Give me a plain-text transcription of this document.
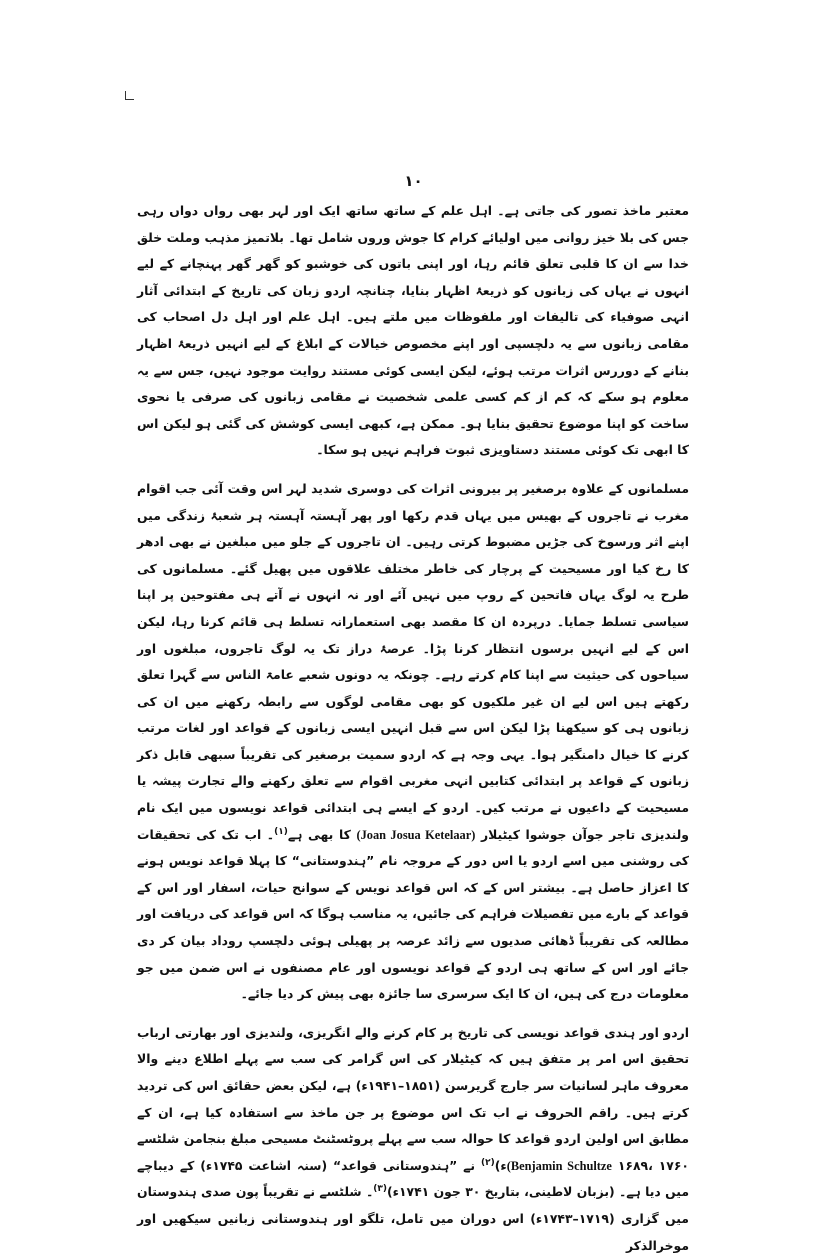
۱۰

معتبر ماخذ تصور کی جاتی ہے۔ اہل علم کے ساتھ ساتھ ایک اور لہر بھی رواں دواں رہی جس کی بلا خیز روانی میں اولیائے کرام کا جوش وروں شامل تھا۔ بلاتمیز مذہب وملت خلق خدا سے ان کا قلبی تعلق قائم رہا، اور اپنی باتوں کی خوشبو کو گھر گھر پہنچانے کے لیے انہوں نے یہاں کی زبانوں کو ذریعۂ اظہار بنایا، چنانچہ اردو زبان کی تاریخ کے ابتدائی آثار انہی صوفیاء کی تالیفات اور ملفوظات میں ملتے ہیں۔ اہل علم اور اہل دل اصحاب کی مقامی زبانوں سے یہ دلچسپی اور اپنے مخصوص خیالات کے ابلاغ کے لیے انہیں ذریعۂ اظہار بنانے کے دوررس اثرات مرتب ہوئے، لیکن ایسی کوئی مستند روایت موجود نہیں، جس سے یہ معلوم ہو سکے کہ کم از کم کسی علمی شخصیت نے مقامی زبانوں کی صرفی یا نحوی ساخت کو اپنا موضوع تحقیق بنایا ہو۔ ممکن ہے، کبھی ایسی کوشش کی گئی ہو لیکن اس کا ابھی تک کوئی مستند دستاویزی ثبوت فراہم نہیں ہو سکا۔

مسلمانوں کے علاوہ برصغیر پر بیرونی اثرات کی دوسری شدید لہر اس وقت آئی جب اقوام مغرب نے تاجروں کے بھیس میں یہاں قدم رکھا اور پھر آہستہ آہستہ ہر شعبۂ زندگی میں اپنے اثر ورسوخ کی جڑیں مضبوط کرتی رہیں۔ ان تاجروں کے جلو میں مبلغین نے بھی ادھر کا رخ کیا اور مسیحیت کے پرچار کی خاطر مختلف علاقوں میں پھیل گئے۔ مسلمانوں کی طرح یہ لوگ یہاں فاتحین کے روپ میں نہیں آئے اور نہ انہوں نے آتے ہی مفتوحین پر اپنا سیاسی تسلط جمایا۔ درپردہ ان کا مقصد بھی استعمارانہ تسلط ہی قائم کرنا رہا، لیکن اس کے لیے انہیں برسوں انتظار کرنا پڑا۔ عرصۂ دراز تک یہ لوگ تاجروں، مبلغوں اور سیاحوں کی حیثیت سے اپنا کام کرتے رہے۔ چونکہ یہ دونوں شعبے عامۃ الناس سے گہرا تعلق رکھتے ہیں اس لیے ان غیر ملکیوں کو بھی مقامی لوگوں سے رابطہ رکھنے میں ان کی زبانوں ہی کو سیکھنا پڑا لیکن اس سے قبل انہیں ایسی زبانوں کے قواعد اور لغات مرتب کرنے کا خیال دامنگیر ہوا۔ یہی وجہ ہے کہ اردو سمیت برصغیر کی تقریباً سبھی قابل ذکر زبانوں کے قواعد پر ابتدائی کتابیں انہی مغربی اقوام سے تعلق رکھنے والے تجارت پیشہ یا مسیحیت کے داعیوں نے مرتب کیں۔ اردو کے ایسے ہی ابتدائی قواعد نویسوں میں ایک نام ولندیزی تاجر جوآن جوشوا کیٹیلار (Joan Josua Ketelaar) کا بھی ہے$^{(۱)}$۔ اب تک کی تحقیقات کی روشنی میں اسے اردو یا اس دور کے مروجہ نام ”ہندوستانی“ کا پہلا قواعد نویس ہونے کا اعزاز حاصل ہے۔ بیشتر اس کے کہ اس قواعد نویس کے سوانح حیات، اسفار اور اس کے قواعد کے بارے میں تفصیلات فراہم کی جائیں، یہ مناسب ہوگا کہ اس قواعد کی دریافت اور مطالعہ کی تقریباً ڈھائی صدیوں سے زائد عرصہ پر پھیلی ہوئی دلچسپ روداد بیان کر دی جائے اور اس کے ساتھ ہی اردو کے قواعد نویسوں اور عام مصنفوں نے اس ضمن میں جو معلومات درج کی ہیں، ان کا ایک سرسری سا جائزہ بھی پیش کر دیا جائے۔

اردو اور ہندی قواعد نویسی کی تاریخ پر کام کرنے والے انگریزی، ولندیزی اور بھارتی ارباب تحقیق اس امر پر متفق ہیں کہ کیٹیلار کی اس گرامر کی سب سے پہلے اطلاع دینے والا معروف ماہر لسانیات سر جارج گریرسن (۱۸۵۱–۱۹۴۱ء) ہے، لیکن بعض حقائق اس کی تردید کرتے ہیں۔ راقم الحروف نے اب تک اس موضوع پر جن ماخذ سے استفادہ کیا ہے، ان کے مطابق اس اولین اردو قواعد کا حوالہ سب سے پہلے پروٹسٹنٹ مسیحی مبلغ بنجامن شلٹسے (Benjamin Schultze ۱۶۸۹، ۱۷۶۰ء)$^{(۲)}$ نے ”ہندوستانی قواعد“ (سنہ اشاعت ۱۷۴۵ء) کے دیباچے میں دیا ہے۔ (بزبان لاطینی، بتاریخ ۳۰ جون ۱۷۴۱ء)$^{(۳)}$۔ شلٹسے نے تقریباً پون صدی ہندوستان میں گزاری (۱۷۱۹–۱۷۴۳ء) اس دوران میں تامل، تلگو اور ہندوستانی زبانیں سیکھیں اور موخرالذکر
